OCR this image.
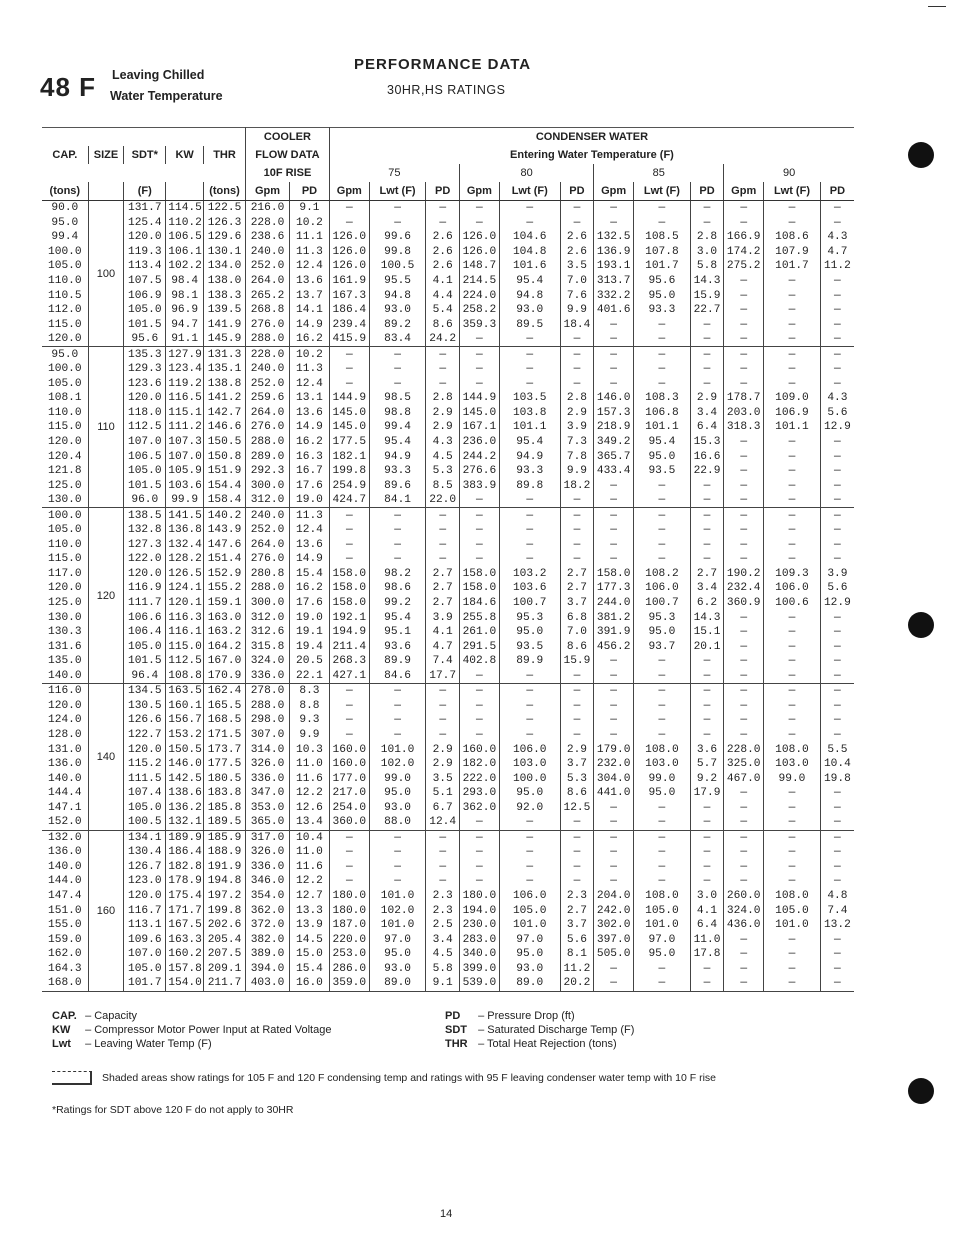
48 F Leaving Chilled
Water Temperature
PERFORMANCE DATA
30HR,HS RATINGS
					COOLER		CONDENSER WATER											
CAP.	SIZE	SDT*	KW	THR	FLOW DATA		Entering Water Temperature (F)											
					10F RISE		75			80			85			90		
(tons)		(F)		(tons)	Gpm	PD	Gpm	Lwt (F)	PD	Gpm	Lwt (F)	PD	Gpm	Lwt (F)	PD	Gpm	Lwt (F)	PD
90.0	100	131.7	114.5	122.5	216.0	9.1	—	—	—	—	—	—	—	—	—	—	—	—
95.0		125.4	110.2	126.3	228.0	10.2	—	—	—	—	—	—	—	—	—	—	—	—
99.4		120.0	106.5	129.6	238.6	11.1	126.0	99.6	2.6	126.0	104.6	2.6	132.5	108.5	2.8	166.9	108.6	4.3
100.0		119.3	106.1	130.1	240.0	11.3	126.0	99.8	2.6	126.0	104.8	2.6	136.9	107.8	3.0	174.2	107.9	4.7
105.0		113.4	102.2	134.0	252.0	12.4	126.0	100.5	2.6	148.7	101.6	3.5	193.1	101.7	5.8	275.2	101.7	11.2
110.0		107.5	98.4	138.0	264.0	13.6	161.9	95.5	4.1	214.5	95.4	7.0	313.7	95.6	14.3	—	—	—
110.5		106.9	98.1	138.3	265.2	13.7	167.3	94.8	4.4	224.0	94.8	7.6	332.2	95.0	15.9	—	—	—
112.0		105.0	96.9	139.5	268.8	14.1	186.4	93.0	5.4	258.2	93.0	9.9	401.6	93.3	22.7	—	—	—
115.0		101.5	94.7	141.9	276.0	14.9	239.4	89.2	8.6	359.3	89.5	18.4	—	—	—	—	—	—
120.0		95.6	91.1	145.9	288.0	16.2	415.9	83.4	24.2	—	—	—	—	—	—	—	—	—
95.0	110	135.3	127.9	131.3	228.0	10.2	—	—	—	—	—	—	—	—	—	—	—	—
100.0		129.3	123.4	135.1	240.0	11.3	—	—	—	—	—	—	—	—	—	—	—	—
105.0		123.6	119.2	138.8	252.0	12.4	—	—	—	—	—	—	—	—	—	—	—	—
108.1		120.0	116.5	141.2	259.6	13.1	144.9	98.5	2.8	144.9	103.5	2.8	146.0	108.3	2.9	178.7	109.0	4.3
110.0		118.0	115.1	142.7	264.0	13.6	145.0	98.8	2.9	145.0	103.8	2.9	157.3	106.8	3.4	203.0	106.9	5.6
115.0		112.5	111.2	146.6	276.0	14.9	145.0	99.4	2.9	167.1	101.1	3.9	218.9	101.1	6.4	318.3	101.1	12.9
120.0		107.0	107.3	150.5	288.0	16.2	177.5	95.4	4.3	236.0	95.4	7.3	349.2	95.4	15.3	—	—	—
120.4		106.5	107.0	150.8	289.0	16.3	182.1	94.9	4.5	244.2	94.9	7.8	365.7	95.0	16.6	—	—	—
121.8		105.0	105.9	151.9	292.3	16.7	199.8	93.3	5.3	276.6	93.3	9.9	433.4	93.5	22.9	—	—	—
125.0		101.5	103.6	154.4	300.0	17.6	254.9	89.6	8.5	383.9	89.8	18.2	—	—	—	—	—	—
130.0		96.0	99.9	158.4	312.0	19.0	424.7	84.1	22.0	—	—	—	—	—	—	—	—	—
100.0	120	138.5	141.5	140.2	240.0	11.3	—	—	—	—	—	—	—	—	—	—	—	—
105.0		132.8	136.8	143.9	252.0	12.4	—	—	—	—	—	—	—	—	—	—	—	—
110.0		127.3	132.4	147.6	264.0	13.6	—	—	—	—	—	—	—	—	—	—	—	—
115.0		122.0	128.2	151.4	276.0	14.9	—	—	—	—	—	—	—	—	—	—	—	—
117.0		120.0	126.5	152.9	280.8	15.4	158.0	98.2	2.7	158.0	103.2	2.7	158.0	108.2	2.7	190.2	109.3	3.9
120.0		116.9	124.1	155.2	288.0	16.2	158.0	98.6	2.7	158.0	103.6	2.7	177.3	106.0	3.4	232.4	106.0	5.6
125.0		111.7	120.1	159.1	300.0	17.6	158.0	99.2	2.7	184.6	100.7	3.7	244.0	100.7	6.2	360.9	100.6	12.9
130.0		106.6	116.3	163.0	312.0	19.0	192.1	95.4	3.9	255.8	95.3	6.8	381.2	95.3	14.3	—	—	—
130.3		106.4	116.1	163.2	312.6	19.1	194.9	95.1	4.1	261.0	95.0	7.0	391.9	95.0	15.1	—	—	—
131.6		105.0	115.0	164.2	315.8	19.4	211.4	93.6	4.7	291.5	93.5	8.6	456.2	93.7	20.1	—	—	—
135.0		101.5	112.5	167.0	324.0	20.5	268.3	89.9	7.4	402.8	89.9	15.9	—	—	—	—	—	—
140.0		96.4	108.8	170.9	336.0	22.1	427.1	84.6	17.7	—	—	—	—	—	—	—	—	—
116.0	140	134.5	163.5	162.4	278.0	8.3	—	—	—	—	—	—	—	—	—	—	—	—
120.0		130.5	160.1	165.5	288.0	8.8	—	—	—	—	—	—	—	—	—	—	—	—
124.0		126.6	156.7	168.5	298.0	9.3	—	—	—	—	—	—	—	—	—	—	—	—
128.0		122.7	153.2	171.5	307.0	9.9	—	—	—	—	—	—	—	—	—	—	—	—
131.0		120.0	150.5	173.7	314.0	10.3	160.0	101.0	2.9	160.0	106.0	2.9	179.0	108.0	3.6	228.0	108.0	5.5
136.0		115.2	146.0	177.5	326.0	11.0	160.0	102.0	2.9	182.0	103.0	3.7	232.0	103.0	5.7	325.0	103.0	10.4
140.0		111.5	142.5	180.5	336.0	11.6	177.0	99.0	3.5	222.0	100.0	5.3	304.0	99.0	9.2	467.0	99.0	19.8
144.4		107.4	138.6	183.8	347.0	12.2	217.0	95.0	5.1	293.0	95.0	8.6	441.0	95.0	17.9	—	—	—
147.1		105.0	136.2	185.8	353.0	12.6	254.0	93.0	6.7	362.0	92.0	12.5	—	—	—	—	—	—
152.0		100.5	132.1	189.5	365.0	13.4	360.0	88.0	12.4	—	—	—	—	—	—	—	—	—
132.0	160	134.1	189.9	185.9	317.0	10.4	—	—	—	—	—	—	—	—	—	—	—	—
136.0		130.4	186.4	188.9	326.0	11.0	—	—	—	—	—	—	—	—	—	—	—	—
140.0		126.7	182.8	191.9	336.0	11.6	—	—	—	—	—	—	—	—	—	—	—	—
144.0		123.0	178.9	194.8	346.0	12.2	—	—	—	—	—	—	—	—	—	—	—	—
147.4		120.0	175.4	197.2	354.0	12.7	180.0	101.0	2.3	180.0	106.0	2.3	204.0	108.0	3.0	260.0	108.0	4.8
151.0		116.7	171.7	199.8	362.0	13.3	180.0	102.0	2.3	194.0	105.0	2.7	242.0	105.0	4.1	324.0	105.0	7.4
155.0		113.1	167.5	202.6	372.0	13.9	187.0	101.0	2.5	230.0	101.0	3.7	302.0	101.0	6.4	436.0	101.0	13.2
159.0		109.6	163.3	205.4	382.0	14.5	220.0	97.0	3.4	283.0	97.0	5.6	397.0	97.0	11.0	—	—	—
162.0		107.0	160.2	207.5	389.0	15.0	253.0	95.0	4.5	340.0	95.0	8.1	505.0	95.0	17.8	—	—	—
164.3		105.0	157.8	209.1	394.0	15.4	286.0	93.0	5.8	399.0	93.0	11.2	—	—	—	—	—	—
168.0		101.7	154.0	211.7	403.0	16.0	359.0	89.0	9.1	539.0	89.0	20.2	—	—	—	—	—	—
CAP. – Capacity
KW – Compressor Motor Power Input at Rated Voltage
Lwt – Leaving Water Temp (F)
PD – Pressure Drop (ft)
SDT – Saturated Discharge Temp (F)
THR – Total Heat Rejection (tons)
Shaded areas show ratings for 105 F and 120 F condensing temp and ratings with 95 F leaving condenser water temp with 10 F rise
*Ratings for SDT above 120 F do not apply to 30HR
14
